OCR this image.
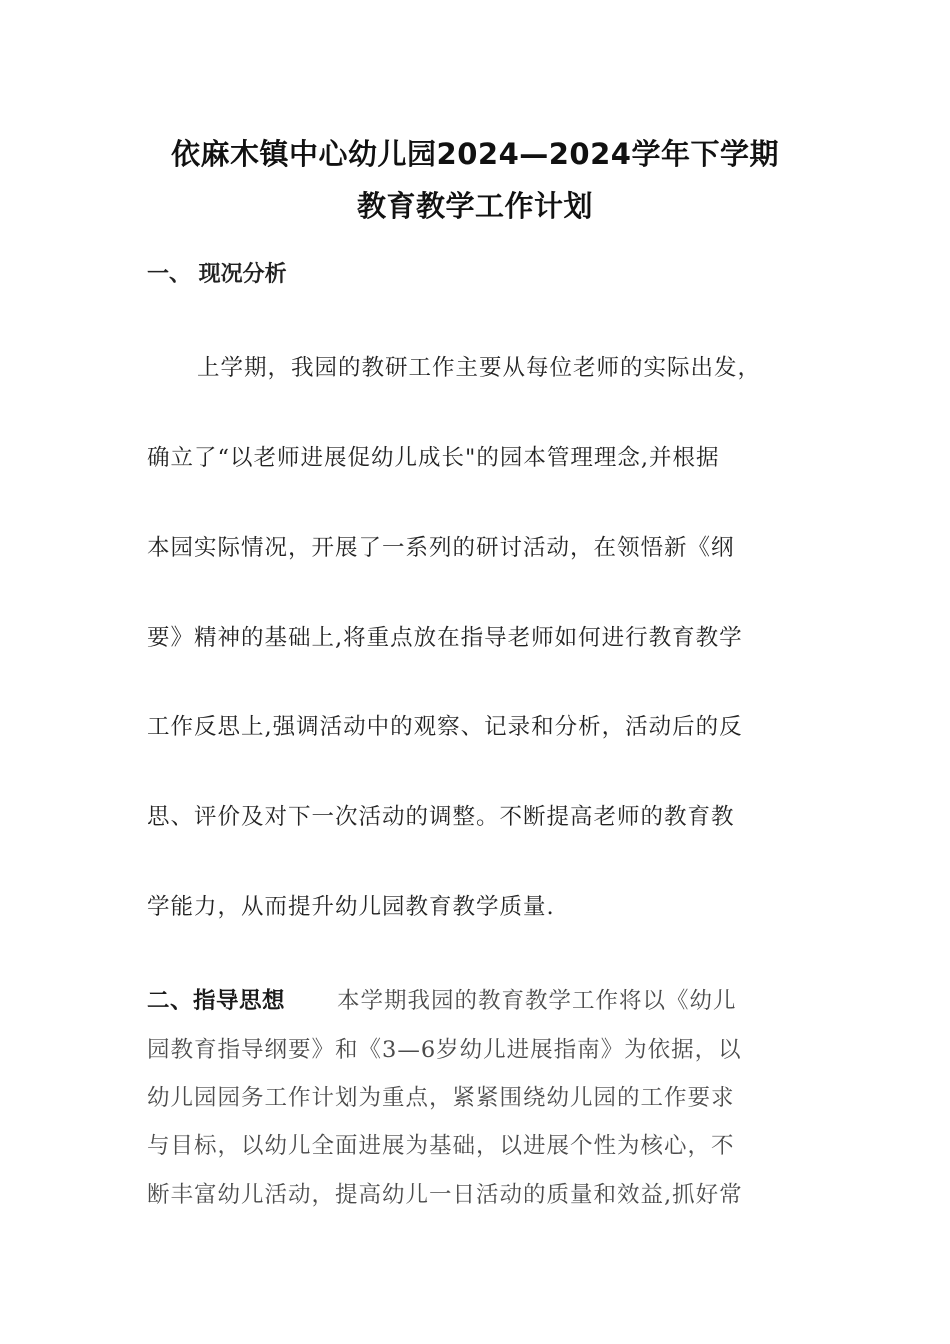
依麻木镇中心幼儿园2024—2024学年下学期
教育教学工作计划
一、 现况分析
上学期，我园的教研工作主要从每位老师的实际出发，
确立了“以老师进展促幼儿成长"的园本管理理念,并根据
本园实际情况，开展了一系列的研讨活动，在领悟新《纲
要》精神的基础上,将重点放在指导老师如何进行教育教学
工作反思上,强调活动中的观察、记录和分析，活动后的反
思、评价及对下一次活动的调整。不断提高老师的教育教
学能力，从而提升幼儿园教育教学质量.
二、指导思想 本学期我园的教育教学工作将以《幼儿
园教育指导纲要》和《3—6岁幼儿进展指南》为依据，以
幼儿园园务工作计划为重点，紧紧围绕幼儿园的工作要求
与目标，以幼儿全面进展为基础，以进展个性为核心，不
断丰富幼儿活动，提高幼儿一日活动的质量和效益,抓好常
